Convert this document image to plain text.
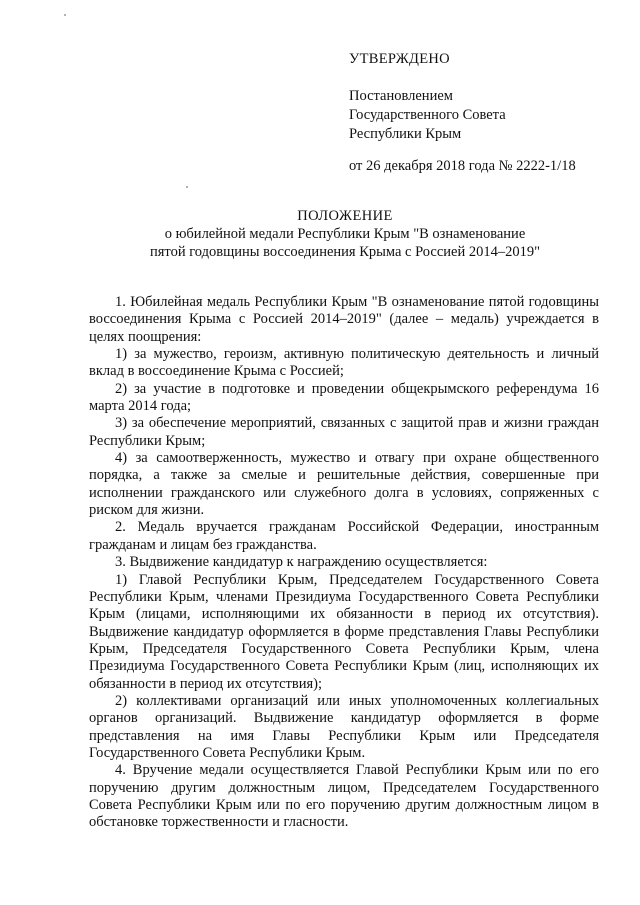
УТВЕРЖДЕНО

Постановлением
Государственного Совета
Республики Крым

от 26 декабря 2018 года № 2222-1/18

ПОЛОЖЕНИЕ

о юбилейной медали Республики Крым "В ознаменование
пятой годовщины воссоединения Крыма с Россией 2014–2019"

1. Юбилейная медаль Республики Крым "В ознаменование пятой годовщины воссоединения Крыма с Россией 2014–2019" (далее – медаль) учреждается в целях поощрения:

1) за мужество, героизм, активную политическую деятельность и личный вклад в воссоединение Крыма с Россией;

2) за участие в подготовке и проведении общекрымского референдума 16 марта 2014 года;

3) за обеспечение мероприятий, связанных с защитой прав и жизни граждан Республики Крым;

4) за самоотверженность, мужество и отвагу при охране общественного порядка, а также за смелые и решительные действия, совершенные при исполнении гражданского или служебного долга в условиях, сопряженных с риском для жизни.

2. Медаль вручается гражданам Российской Федерации, иностранным гражданам и лицам без гражданства.

3. Выдвижение кандидатур к награждению осуществляется:

1) Главой Республики Крым, Председателем Государственного Совета Республики Крым, членами Президиума Государственного Совета Республики Крым (лицами, исполняющими их обязанности в период их отсутствия). Выдвижение кандидатур оформляется в форме представления Главы Республики Крым, Председателя Государственного Совета Республики Крым, члена Президиума Государственного Совета Республики Крым (лиц, исполняющих их обязанности в период их отсутствия);

2) коллективами организаций или иных уполномоченных коллегиальных органов организаций. Выдвижение кандидатур оформляется в форме представления на имя Главы Республики Крым или Председателя Государственного Совета Республики Крым.

4. Вручение медали осуществляется Главой Республики Крым или по его поручению другим должностным лицом, Председателем Государственного Совета Республики Крым или по его поручению другим должностным лицом в обстановке торжественности и гласности.
